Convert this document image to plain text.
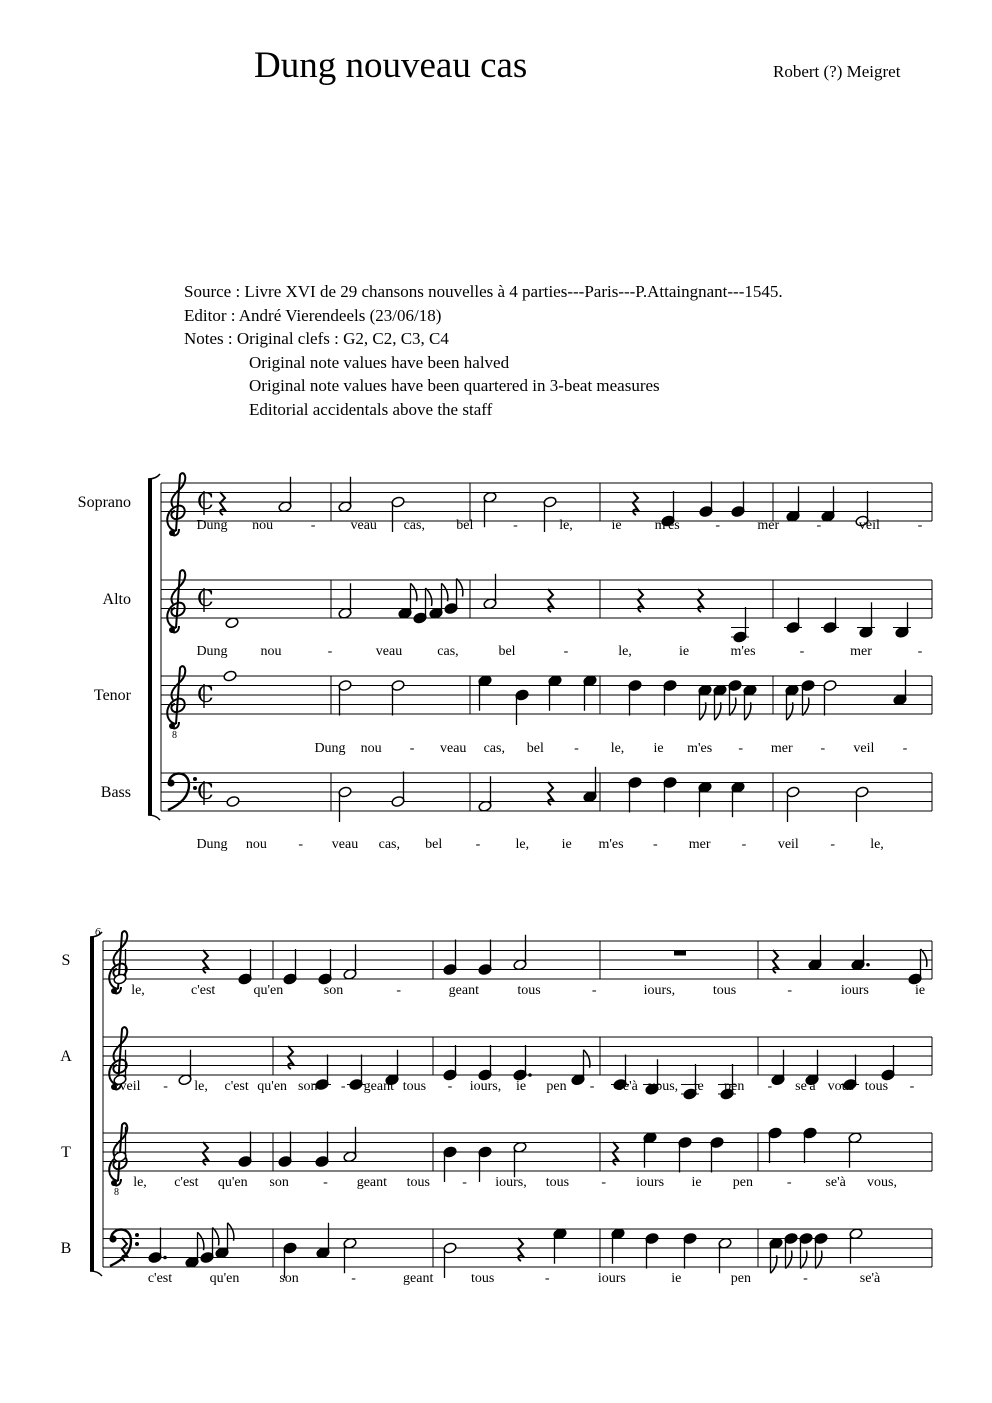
Dung nouveau cas	Robert (?) Meigret
Source : Livre XVI de 29 chansons nouvelles à 4 parties---Paris---P.Attaingnant---1545.
Editor : André Vierendeels (23/06/18)
Notes : Original clefs : G2, C2, C3, C4
Original note values have been halved
Original note values have been quartered in 3-beat measures
Editorial accidentals above the staff
Soprano	C
Dung nou	-	veau cas, bel	-	le,	ie m'es	-	mer	-	veil	-
Alto	C
Dung nou	-	veau	cas,	bel	-	le,	ie	m'es	-	mer	-
Tenor
8
C
Dung nou - veau cas, bel - le, ie m'es - mer - veil -
Bass	C
Dung nou - veau cas, bel -	le, ie m'es - mer - veil -	le,
6
S
le,	c'est	qu'en	son	-	geant	tous	-	iours,	tous	-	iours	ie
A
veil - le, c'est qu'en son - geant tous - iours, ie pen - se'à vous, ie pen - se'à vous tous -
T
8
le, c'est qu'en son - geant tous - iours, tous - iours ie pen - se'à vous,
B
c'est	qu'en	son	-	geant	tous	-	iours	ie	pen	-	se'à
